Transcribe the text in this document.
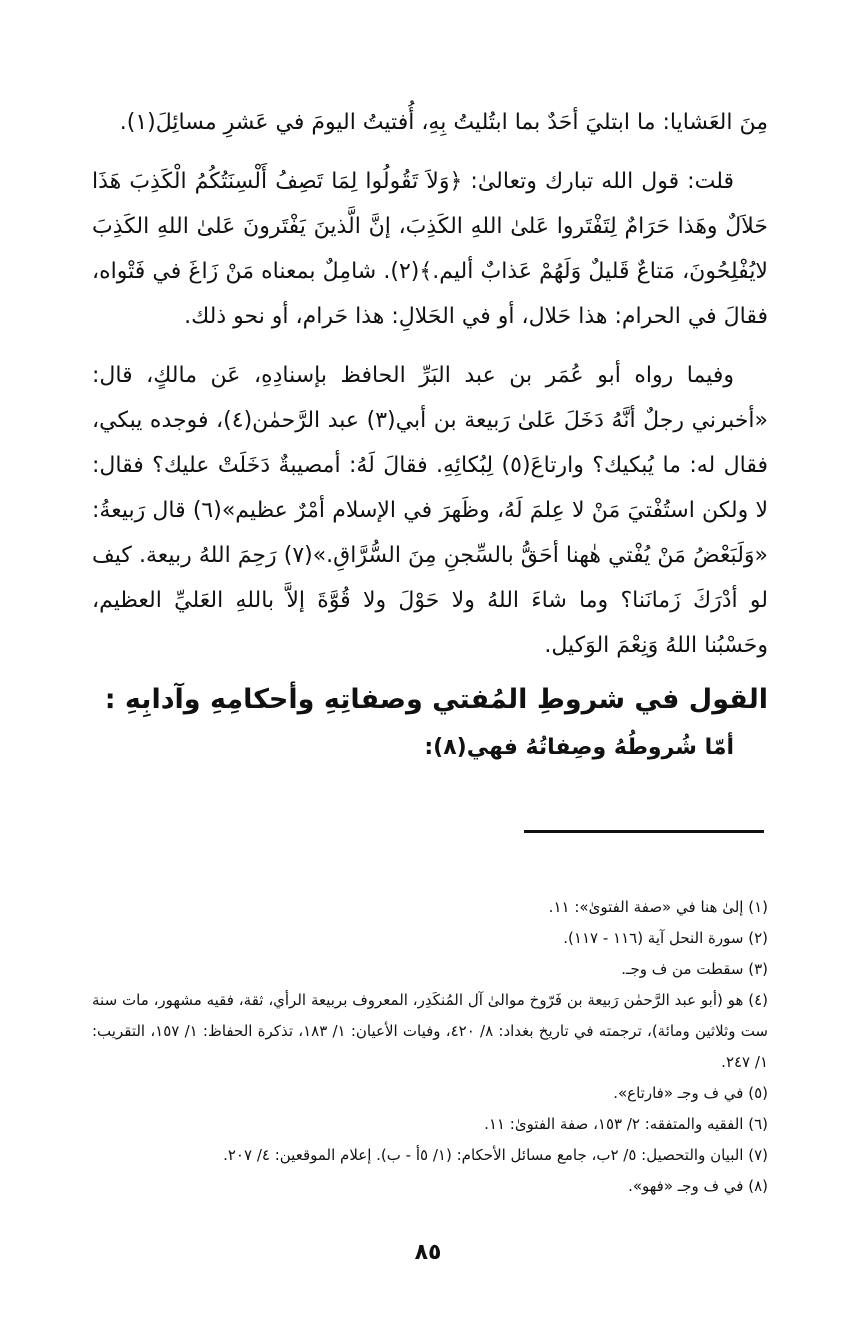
مِنَ العَشايا: ما ابتليَ أحَدٌ بما ابتُليتُ بِهِ، أُفتيتُ اليومَ في عَشرِ مسائِلَ(١).

قلت: قول الله تبارك وتعالىٰ: ﴿وَلاَ تَقُولُوا لِمَا تَصِفُ أَلْسِنَتُكُمُ الْكَذِبَ هَذَا حَلاَلٌ وهَذا حَرَامٌ لِتَفْتَروا عَلىٰ اللهِ الكَذِبَ، إنَّ الَّذينَ يَفْتَرونَ عَلىٰ اللهِ الكَذِبَ لايُفْلِحُونَ، مَتاعٌ قَليلٌ وَلَهُمْ عَذابٌ أليم.﴾(٢). شامِلٌ بمعناه مَنْ زَاغَ في فَتْواه، فقالَ في الحرام: هذا حَلال، أو في الحَلالِ: هذا حَرام، أو نحو ذلك.

وفيما رواه أبو عُمَر بن عبد البَرِّ الحافظ بإسنادِهِ، عَن مالكٍ، قال: «أخبرني رجلٌ أنَّهُ دَخَلَ عَلىٰ رَبيعة بن أبي(٣) عبد الرَّحمٰن(٤)، فوجده يبكي، فقال له: ما يُبكيك؟ وارتاعَ(٥) لِبُكائِهِ. فقالَ لَهُ: أمصيبةٌ دَخَلَتْ عليك؟ فقال: لا ولكن استُفْتيَ مَنْ لا عِلمَ لَهُ، وظَهرَ في الإسلام أمْرٌ عظيم»(٦) قال رَبيعةُ: «وَلَبَعْضُ مَنْ يُفْتي هٰهنا أحَقُّ بالسِّجنِ مِنَ السُّرَّاقِ.»(٧) رَحِمَ اللهُ ربيعة. كيف لو أدْرَكَ زَمانَنا؟ وما شاءَ اللهُ ولا حَوْلَ ولا قُوَّةَ إلاَّ باللهِ العَليِّ العظيم، وحَسْبُنا اللهُ وَنِعْمَ الوَكيل.

القول في شروطِ المُفتي وصفاتِهِ وأحكامِهِ وآدابِهِ :

أمّا شُروطُهُ وصِفاتُهُ فهي(٨):

(١) إلىٰ هنا في «صفة الفتوىٰ»: ١١.

(٢) سورة النحل آية (١١٦ - ١١٧).

(٣) سقطت من ف وجـ.

(٤) هو (أبو عبد الرَّحمٰن رَبيعة بن فَرّوخ موالىٰ آل المُنكَدِر، المعروف بربيعة الرأي، ثقة، فقيه مشهور، مات سنة ست وثلاثين ومائة)، ترجمته في تاريخ بغداد: ٨/ ٤٢٠، وفيات الأعيان: ١/ ١٨٣، تذكرة الحفاظ: ١/ ١٥٧، التقريب: ١/ ٢٤٧.

(٥) في ف وجـ «فارتاع».

(٦) الفقيه والمتفقه: ٢/ ١٥٣، صفة الفتوىٰ: ١١.

(٧) البيان والتحصيل: ٥/ ٢ب، جامع مسائل الأحكام: (١/ ٥أ - ب). إعلام الموقعين: ٤/ ٢٠٧.

(٨) في ف وجـ «فهو».

٨٥
